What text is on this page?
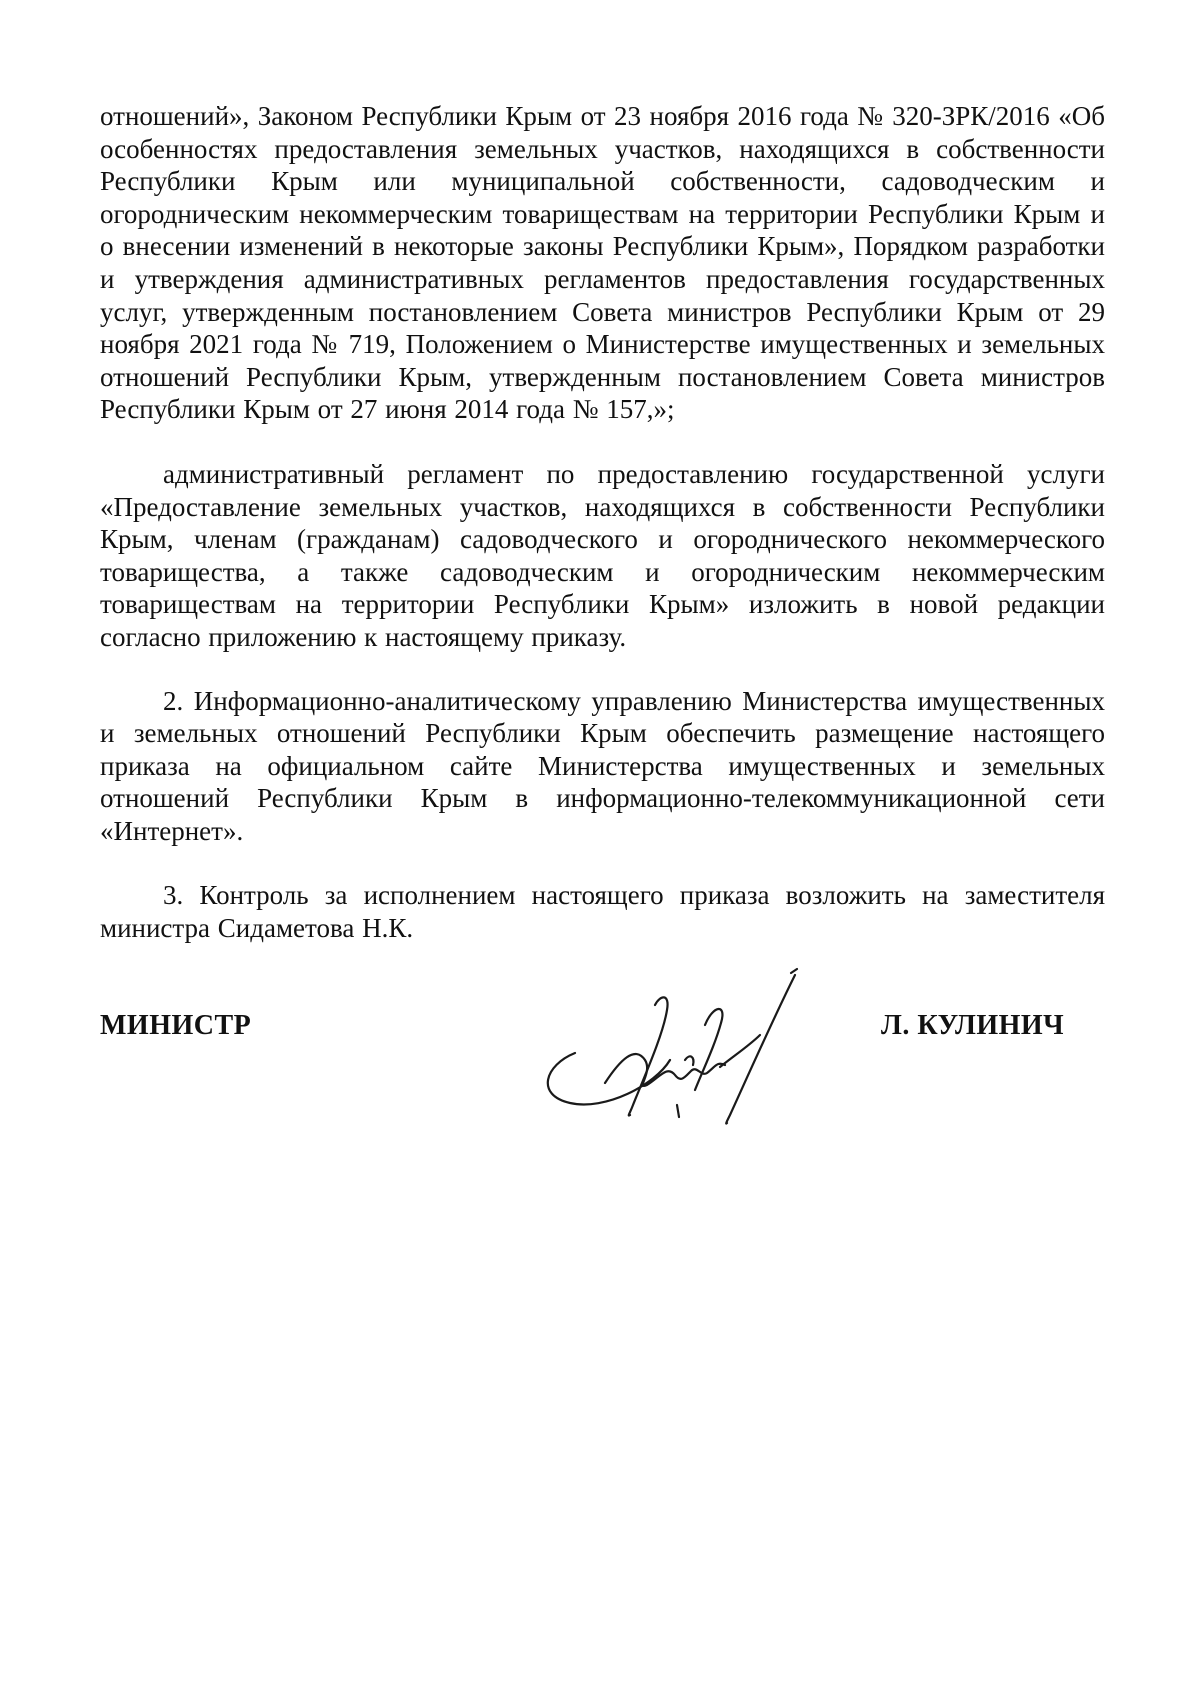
отношений», Законом Республики Крым от 23 ноября 2016 года № 320-ЗРК/2016 «Об особенностях предоставления земельных участков, находящихся в собственности Республики Крым или муниципальной собственности, садоводческим и огородническим некоммерческим товариществам на территории Республики Крым и о внесении изменений в некоторые законы Республики Крым», Порядком разработки и утверждения административных регламентов предоставления государственных услуг, утвержденным постановлением Совета министров Республики Крым от 29 ноября 2021 года № 719, Положением о Министерстве имущественных и земельных отношений Республики Крым, утвержденным постановлением Совета министров Республики Крым от 27 июня 2014 года № 157,»;

административный регламент по предоставлению государственной услуги «Предоставление земельных участков, находящихся в собственности Республики Крым, членам (гражданам) садоводческого и огороднического некоммерческого товарищества, а также садоводческим и огородническим некоммерческим товариществам на территории Республики Крым» изложить в новой редакции согласно приложению к настоящему приказу.

2. Информационно-аналитическому управлению Министерства имущественных и земельных отношений Республики Крым обеспечить размещение настоящего приказа на официальном сайте Министерства имущественных и земельных отношений Республики Крым в информационно-телекоммуникационной сети «Интернет».

3. Контроль за исполнением настоящего приказа возложить на заместителя министра Сидаметова Н.К.

МИНИСТР	Л. КУЛИНИЧ
